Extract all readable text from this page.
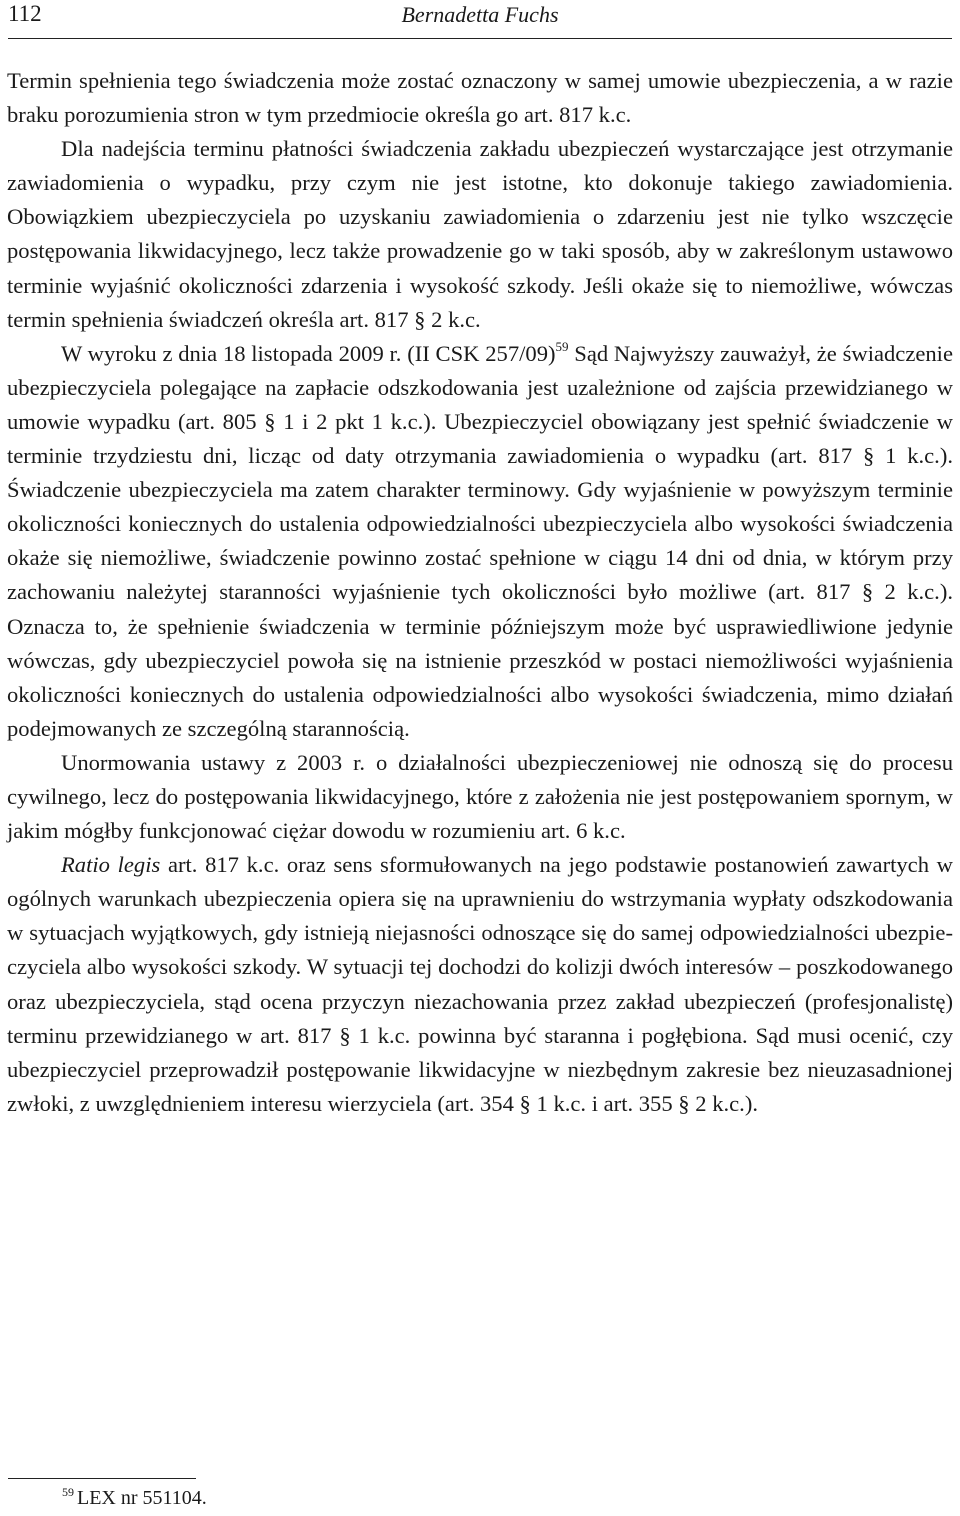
112	Bernadetta Fuchs

Termin spełnienia tego świadczenia może zostać oznaczony w samej umowie ubezpieczenia, a w razie braku porozumienia stron w tym przedmiocie określa go art. 817 k.c.

Dla nadejścia terminu płatności świadczenia zakładu ubezpieczeń wystarczające jest otrzymanie zawiadomienia o wypadku, przy czym nie jest istotne, kto dokonuje takiego zawiadomienia. Obowiązkiem ubezpieczyciela po uzyskaniu zawiadomienia o zdarzeniu jest nie tylko wszczęcie postępowania likwidacyjnego, lecz także prowadzenie go w taki sposób, aby w zakreślonym ustawowo terminie wyjaśnić okoliczności zdarzenia i wysokość szkody. Jeśli okaże się to niemożliwe, wówczas termin spełnienia świadczeń określa art. 817 § 2 k.c.

W wyroku z dnia 18 listopada 2009 r. (II CSK 257/09)$^{59}$ Sąd Najwyższy zauważył, że świadczenie ubezpieczyciela polegające na zapłacie odszkodowania jest uzależnione od zajścia przewidzianego w umowie wypadku (art. 805 § 1 i 2 pkt 1 k.c.). Ubezpieczyciel obowiązany jest spełnić świadczenie w terminie trzydziestu dni, licząc od daty otrzymania zawiadomienia o wypadku (art. 817 § 1 k.c.). Świadczenie ubezpieczyciela ma zatem charakter terminowy. Gdy wyjaśnienie w powyższym terminie okoliczności koniecznych do ustalenia odpowiedzialności ubezpieczyciela albo wysokości świadczenia okaże się niemożliwe, świadczenie powinno zostać spełnione w ciągu 14 dni od dnia, w którym przy zachowaniu należytej staranności wyjaśnienie tych okoliczności było możliwe (art. 817 § 2 k.c.). Oznacza to, że spełnienie świadczenia w terminie późniejszym może być usprawiedliwione jedynie wówczas, gdy ubezpieczyciel powoła się na istnienie przeszkód w postaci niemożliwości wyjaśnienia okoliczności koniecznych do ustalenia odpowiedzialności albo wysokości świadczenia, mimo działań podejmowanych ze szczególną starannością.

Unormowania ustawy z 2003 r. o działalności ubezpieczeniowej nie odnoszą się do procesu cywilnego, lecz do postępowania likwidacyjnego, które z założenia nie jest postępowaniem spornym, w jakim mógłby funkcjonować ciężar dowodu w rozumieniu art. 6 k.c.

Ratio legis art. 817 k.c. oraz sens sformułowanych na jego podstawie postanowień zawartych w ogólnych warunkach ubezpieczenia opiera się na uprawnieniu do wstrzymania wypłaty odszkodowania w sytuacjach wyjątkowych, gdy istnieją niejasności odnoszące się do samej odpowiedzialności ubezpieczyciela albo wysokości szkody. W sytuacji tej dochodzi do kolizji dwóch interesów – poszkodowanego oraz ubezpieczyciela, stąd ocena przyczyn niezachowania przez zakład ubezpieczeń (profesjonalistę) terminu przewidzianego w art. 817 § 1 k.c. powinna być staranna i pogłębiona. Sąd musi ocenić, czy ubezpieczyciel przeprowadził postępowanie likwidacyjne w niezbędnym zakresie bez nieuzasadnionej zwłoki, z uwzględnieniem interesu wierzyciela (art. 354 § 1 k.c. i art. 355 § 2 k.c.).

$^{59}$ LEX nr 551104.
